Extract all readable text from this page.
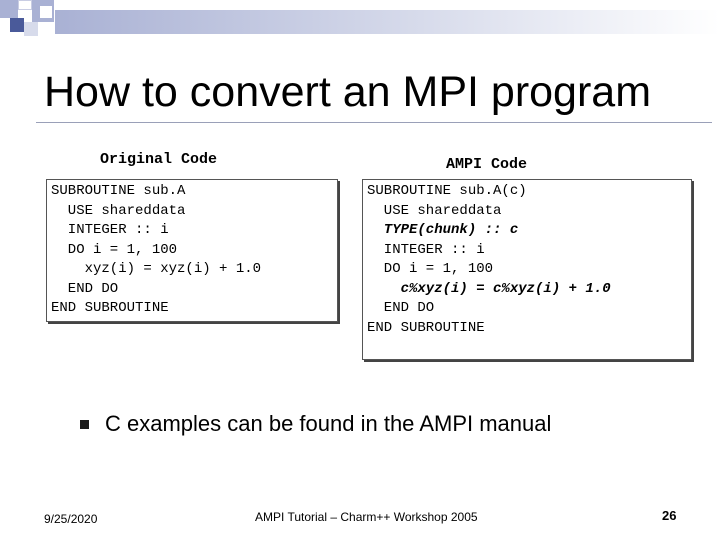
How to convert an MPI program
Original Code	AMPI Code
SUBROUTINE sub.A
USE shareddata
INTEGER :: i
DO i = 1, 100
xyz(i) = xyz(i) + 1.0
END DO
END SUBROUTINE
SUBROUTINE sub.A(c)
USE shareddata
TYPE(chunk) :: c
INTEGER :: i
DO i = 1, 100
c%xyz(i) = c%xyz(i) + 1.0
END DO
END SUBROUTINE
C examples can be found in the AMPI manual
9/25/2020	AMPI Tutorial – Charm++ Workshop 2005	26
